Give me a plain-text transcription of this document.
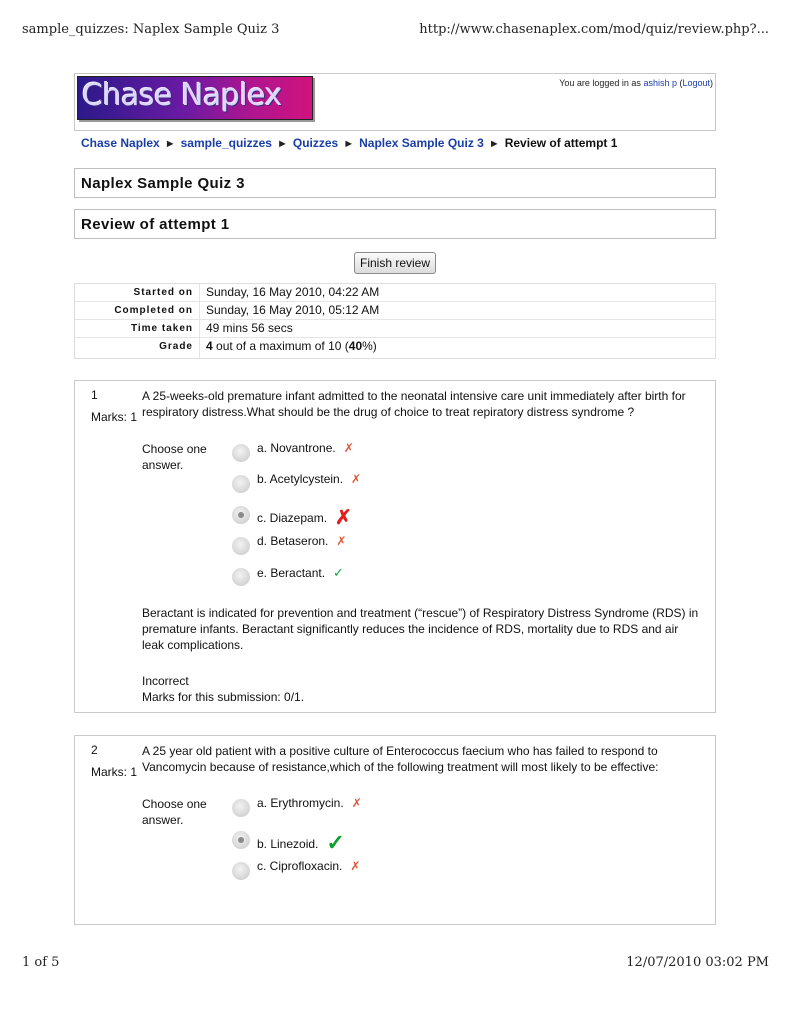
sample_quizzes: Naplex Sample Quiz 3	http://www.chasenaplex.com/mod/quiz/review.php?...
Chase Naplex	You are logged in as ashish p (Logout)
Chase Naplex ► sample_quizzes ► Quizzes ► Naplex Sample Quiz 3 ► Review of attempt 1
Naplex Sample Quiz 3
Review of attempt 1
Finish review
Started on	Sunday, 16 May 2010, 04:22 AM
Completed on	Sunday, 16 May 2010, 05:12 AM
Time taken	49 mins 56 secs
Grade	4 out of a maximum of 10 (40%)
1
Marks: 1
A 25-weeks-old premature infant admitted to the neonatal intensive care unit immediately after birth for respiratory distress.What should be the drug of choice to treat repiratory distress syndrome ?
Choose one answer.
a. Novantrone. ✗
b. Acetylcystein. ✗
c. Diazepam. ✗
d. Betaseron. ✗
e. Beractant. ✓
Beractant is indicated for prevention and treatment (“rescue”) of Respiratory Distress Syndrome (RDS) in premature infants. Beractant significantly reduces the incidence of RDS, mortality due to RDS and air leak complications.
Incorrect
Marks for this submission: 0/1.
2
Marks: 1
A 25 year old patient with a positive culture of Enterococcus faecium who has failed to respond to Vancomycin because of resistance,which of the following treatment will most likely to be effective:
Choose one answer.
a. Erythromycin. ✗
b. Linezoid. ✓
c. Ciprofloxacin. ✗
1 of 5	12/07/2010 03:02 PM
